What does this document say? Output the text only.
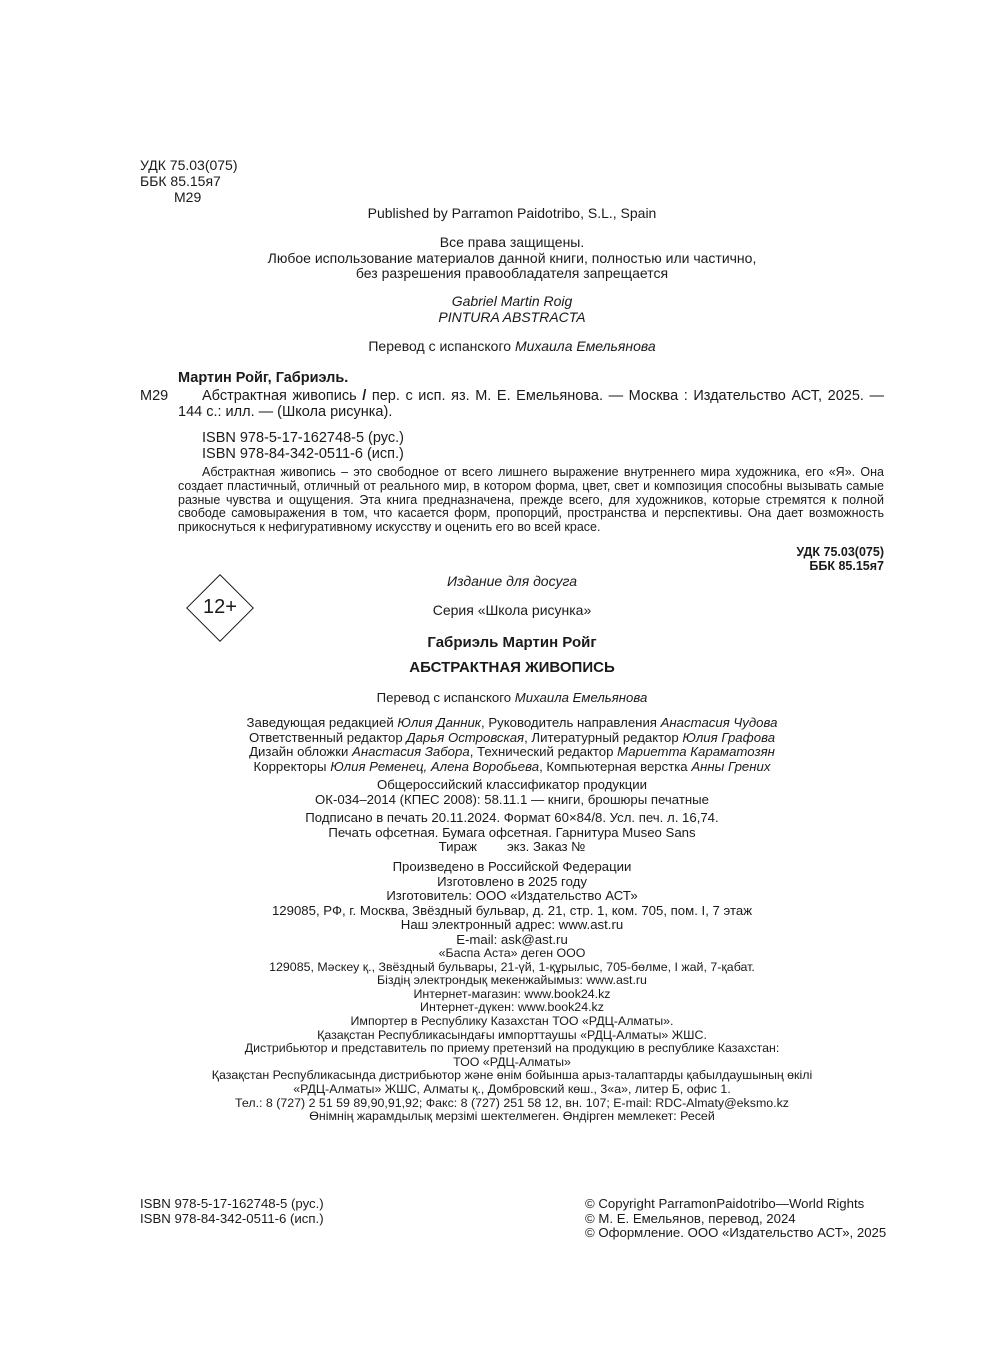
УДК 75.03(075)
ББК 85.15я7
М29
Published by Parramon Paidotribo, S.L., Spain
Все права защищены.
Любое использование материалов данной книги, полностью или частично,
без разрешения правообладателя запрещается
Gabriel Martin Roig
PINTURA ABSTRACTA
Перевод с испанского Михаила Емельянова
Мартин Ройг, Габриэль.
М29	Абстрактная живопись / пер. с исп. яз. М. Е. Емельянова. — Москва : Издательство АСТ, 2025. — 144 с.: илл. — (Школа рисунка).
ISBN 978-5-17-162748-5 (рус.)
ISBN 978-84-342-0511-6 (исп.)
Абстрактная живопись – это свободное от всего лишнего выражение внутреннего мира художника, его «Я». Она создает пластичный, отличный от реального мир, в котором форма, цвет, свет и композиция способны вызывать самые разные чувства и ощущения. Эта книга предназначена, прежде всего, для художников, которые стремятся к полной свободе самовыражения в том, что касается форм, пропорций, пространства и перспективы. Она дает возможность прикоснуться к нефигуративному искусству и оценить его во всей красе.
УДК 75.03(075)
ББК 85.15я7
12+
Издание для досуга
Серия «Школа рисунка»
Габриэль Мартин Ройг
АБСТРАКТНАЯ ЖИВОПИСЬ
Перевод с испанского Михаила Емельянова
Заведующая редакцией Юлия Данник, Руководитель направления Анастасия Чудова
Ответственный редактор Дарья Островская, Литературный редактор Юлия Графова
Дизайн обложки Анастасия Забора, Технический редактор Мариетта Караматозян
Корректоры Юлия Ременец, Алена Воробьева, Компьютерная верстка Анны Грених
Общероссийский классификатор продукции
ОК-034–2014 (КПЕС 2008): 58.11.1 — книги, брошюры печатные
Подписано в печать 20.11.2024. Формат 60×84/8. Усл. печ. л. 16,74.
Печать офсетная. Бумага офсетная. Гарнитура Museo Sans
Тираж экз. Заказ №
Произведено в Российской Федерации
Изготовлено в 2025 году
Изготовитель: ООО «Издательство АСТ»
129085, РФ, г. Москва, Звёздный бульвар, д. 21, стр. 1, ком. 705, пом. I, 7 этаж
Наш электронный адрес: www.ast.ru
E-mail: ask@ast.ru
«Баспа Аста» деген ООО
129085, Мәскеу қ., Звёздный бульвары, 21-үй, 1-құрылыс, 705-бөлме, I жай, 7-қабат.
Біздің электрондық мекенжайымыз: www.ast.ru
Интернет-магазин: www.book24.kz
Интернет-дүкен: www.book24.kz
Импортер в Республику Казахстан ТОО «РДЦ-Алматы».
Қазақстан Республикасындағы импорттаушы «РДЦ-Алматы» ЖШС.
Дистрибьютор и представитель по приему претензий на продукцию в республике Казахстан:
ТОО «РДЦ-Алматы»
Қазақстан Республикасында дистрибьютор және өнім бойынша арыз-талаптарды қабылдаушының өкілі
«РДЦ-Алматы» ЖШС, Алматы қ., Домбровский көш., 3«а», литер Б, офис 1.
Тел.: 8 (727) 2 51 59 89,90,91,92; Факс: 8 (727) 251 58 12, вн. 107; E-mail: RDC-Almaty@eksmo.kz
Өнімнің жарамдылық мерзімі шектелмеген. Өндірген мемлекет: Ресей
ISBN 978-5-17-162748-5 (рус.)
ISBN 978-84-342-0511-6 (исп.)
© Copyright ParramonPaidotribo—World Rights
© М. Е. Емельянов, перевод, 2024
© Оформление. ООО «Издательство АСТ», 2025
